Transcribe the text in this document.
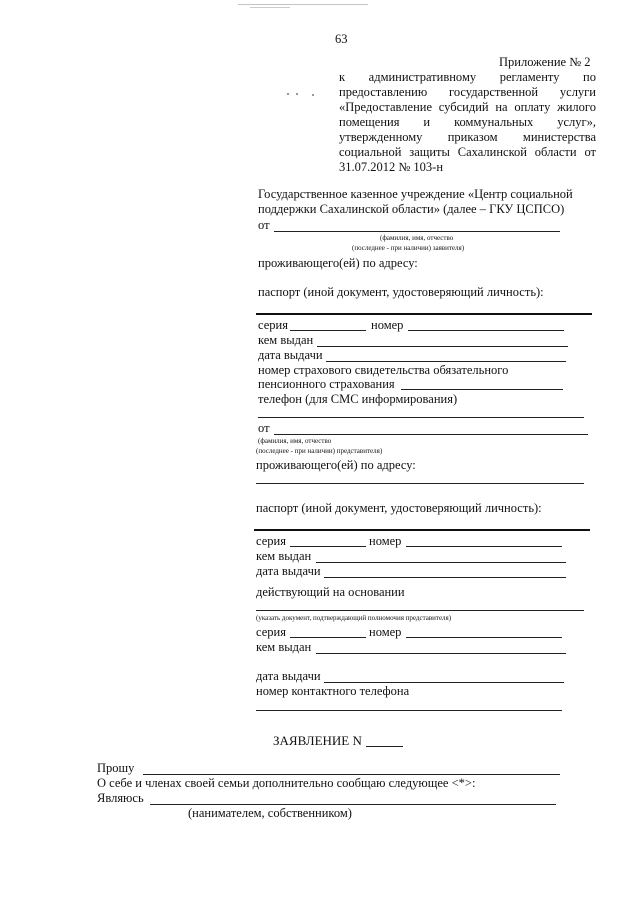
63
Приложение № 2
к административному регламенту по
предоставлению государственной услуги
«Предоставление субсидий на оплату жилого
помещения и коммунальных услуг»,
утвержденному приказом министерства
социальной защиты Сахалинской области от
31.07.2012 № 103-н
Государственное казенное учреждение «Центр социальной
поддержки Сахалинской области» (далее – ГКУ ЦСПСО)
от
(фамилия, имя, отчество
(последнее - при наличии) заявителя)
проживающего(ей) по адресу:
паспорт (иной документ, удостоверяющий личность):
серия	номер
кем выдан
дата выдачи
номер страхового свидетельства обязательного
пенсионного страхования
телефон (для СМС информирования)
от
(фамилия, имя, отчество
(последнее - при наличии) представителя)
проживающего(ей) по адресу:
паспорт (иной документ, удостоверяющий личность):
серия	номер
кем выдан
дата выдачи
действующий на основании
(указать документ, подтверждающий полномочия представителя)
серия	номер
кем выдан
дата выдачи
номер контактного телефона
ЗАЯВЛЕНИЕ N
Прошу
О себе и членах своей семьи дополнительно сообщаю следующее <*>:
Являюсь
(нанимателем, собственником)
